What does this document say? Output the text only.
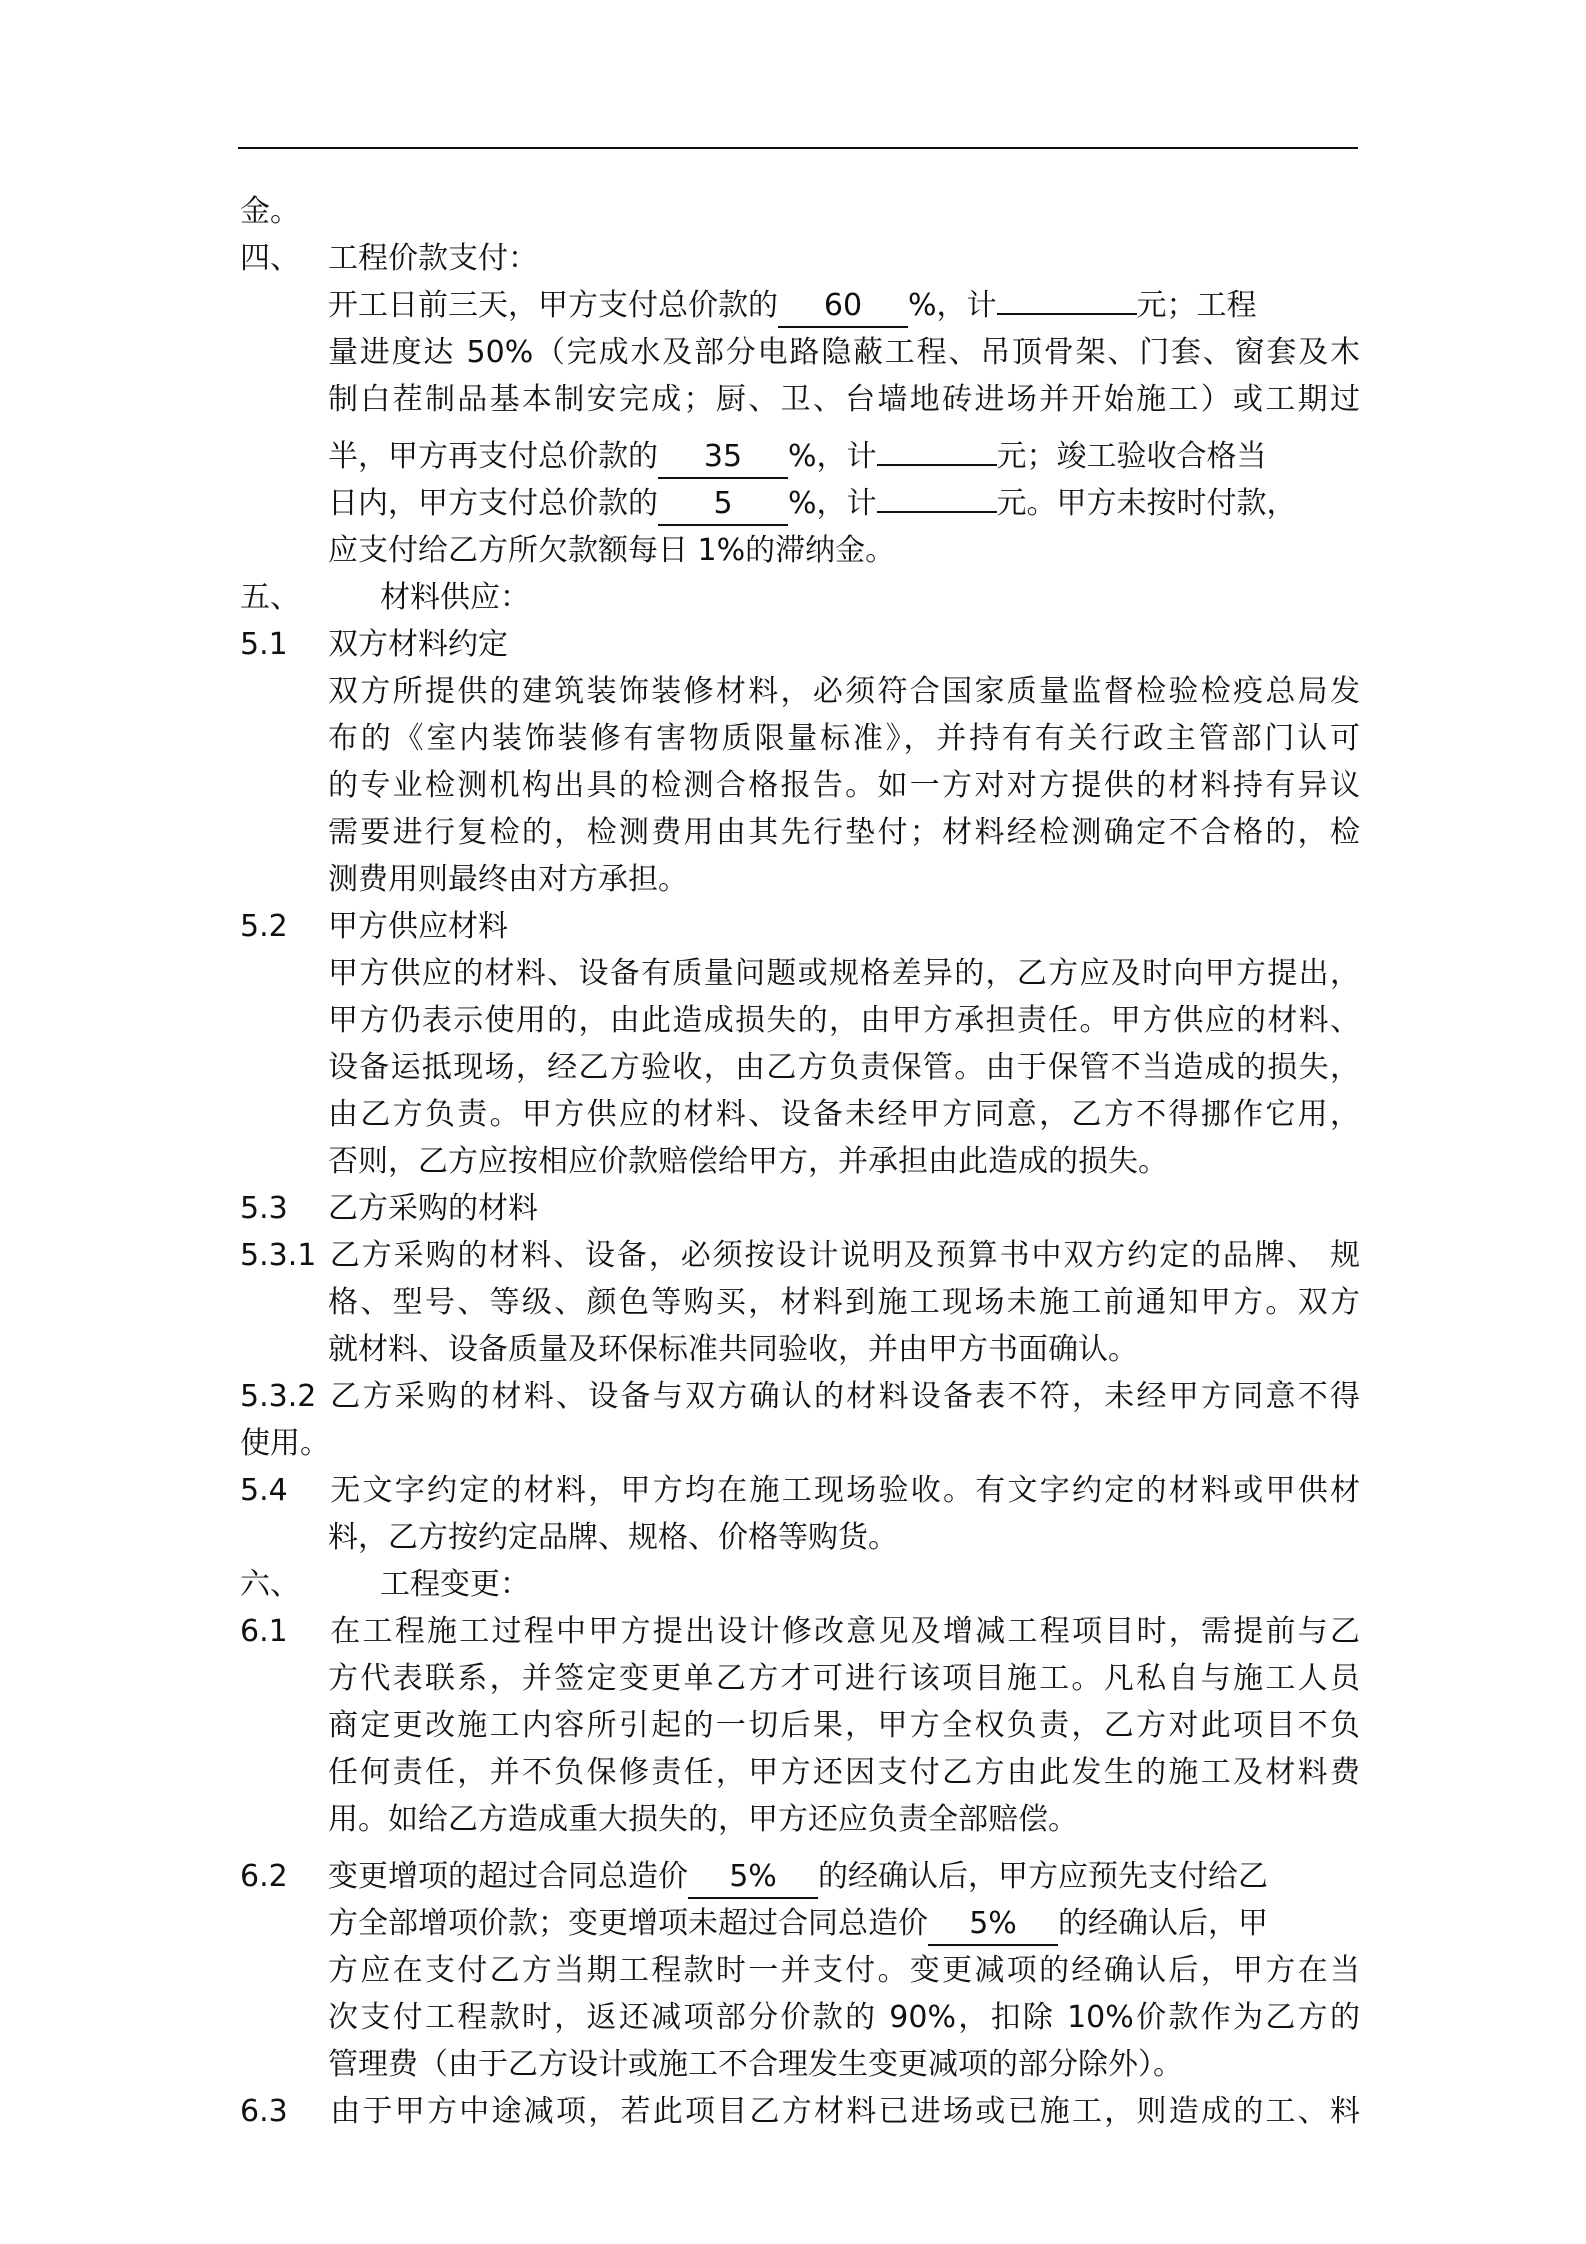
金。
四、 工程价款支付：
开工日前三天，甲方支付总价款的 60 %，计	元；工程
量进度达 50%（完成水及部分电路隐蔽工程、吊顶骨架、门套、窗套及木
制白茬制品基本制安完成；厨、卫、台墙地砖进场并开始施工）或工期过
半，甲方再支付总价款的 35 %，计	元；竣工验收合格当
日内，甲方支付总价款的 5 %，计	元。甲方未按时付款，
应支付给乙方所欠款额每日 1%的滞纳金。
五、	材料供应：
5.1 双方材料约定
双方所提供的建筑装饰装修材料，必须符合国家质量监督检验检疫总局发
布的《室内装饰装修有害物质限量标准》，并持有有关行政主管部门认可
的专业检测机构出具的检测合格报告。如一方对对方提供的材料持有异议
需要进行复检的，检测费用由其先行垫付；材料经检测确定不合格的，检
测费用则最终由对方承担。
5.2 甲方供应材料
甲方供应的材料、设备有质量问题或规格差异的，乙方应及时向甲方提出，
甲方仍表示使用的，由此造成损失的，由甲方承担责任。甲方供应的材料、
设备运抵现场，经乙方验收，由乙方负责保管。由于保管不当造成的损失，
由乙方负责。甲方供应的材料、设备未经甲方同意，乙方不得挪作它用，
否则，乙方应按相应价款赔偿给甲方，并承担由此造成的损失。
5.3 乙方采购的材料
5.3.1 乙方采购的材料、设备，必须按设计说明及预算书中双方约定的品牌、 规
格、型号、等级、颜色等购买，材料到施工现场未施工前通知甲方。双方
就材料、设备质量及环保标准共同验收，并由甲方书面确认。
5.3.2 乙方采购的材料、设备与双方确认的材料设备表不符，未经甲方同意不得
使用。
5.4 无文字约定的材料，甲方均在施工现场验收。有文字约定的材料或甲供材
料，乙方按约定品牌、规格、价格等购货。
六、	工程变更：
6.1 在工程施工过程中甲方提出设计修改意见及增减工程项目时，需提前与乙
方代表联系，并签定变更单乙方才可进行该项目施工。凡私自与施工人员
商定更改施工内容所引起的一切后果，甲方全权负责，乙方对此项目不负
任何责任，并不负保修责任，甲方还因支付乙方由此发生的施工及材料费
用。如给乙方造成重大损失的，甲方还应负责全部赔偿。
6.2 变更增项的超过合同总造价 5% 的经确认后，甲方应预先支付给乙
方全部增项价款；变更增项未超过合同总造价 5% 的经确认后，甲
方应在支付乙方当期工程款时一并支付。变更减项的经确认后，甲方在当
次支付工程款时，返还减项部分价款的 90%，扣除 10%价款作为乙方的
管理费（由于乙方设计或施工不合理发生变更减项的部分除外）。
6.3 由于甲方中途减项，若此项目乙方材料已进场或已施工，则造成的工、料
